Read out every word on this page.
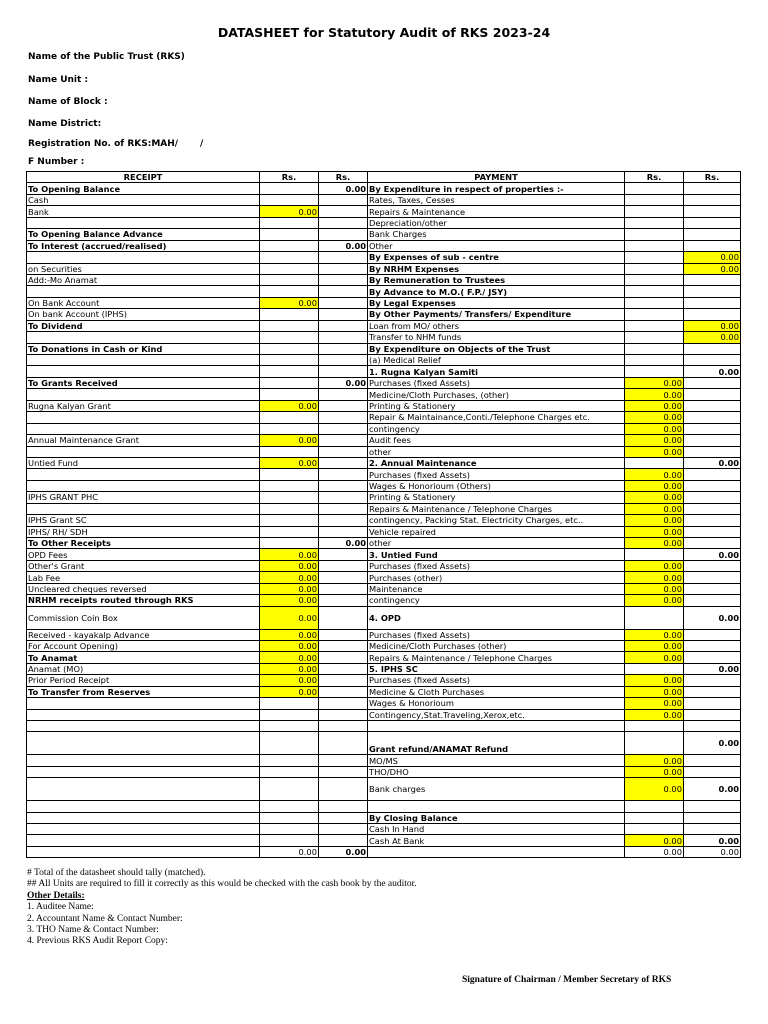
DATASHEET for Statutory Audit of RKS 2023-24
Name of the Public Trust (RKS)
Name Unit :
Name of Block :
Name District:
Registration No. of RKS:MAH/       /
F Number :
RECEIPT	Rs.	Rs.	PAYMENT	Rs.	Rs.
To Opening Balance		0.00	By Expenditure in respect of properties :-		
Cash			Rates, Taxes, Cesses		
Bank	0.00		Repairs & Maintenance		
			Depreciation/other		
To Opening Balance Advance			Bank Charges		
To Interest (accrued/realised)		0.00	Other		
			By Expenses of sub - centre		0.00
on Securities			By NRHM Expenses		0.00
Add:-Mo Anamat			By Remuneration to Trustees		
			By Advance to M.O.( F.P./ JSY)		
On Bank Account	0.00		By Legal Expenses		
On bank Account (IPHS)			By Other Payments/ Transfers/ Expenditure		
To Dividend			Loan from MO/ others		0.00
			Transfer to NHM funds		0.00
To Donations in Cash or Kind			By Expenditure on Objects of the Trust		
			(a) Medical Relief		
			1. Rugna Kalyan Samiti		0.00
To Grants Received		0.00	Purchases (fixed Assets)	0.00	
			Medicine/Cloth Purchases, (other)	0.00	
Rugna Kalyan Grant	0.00		Printing & Stationery	0.00	
			Repair & Maintainance,Conti./Telephone Charges etc.	0.00	
			contingency	0.00	
Annual Maintenance Grant	0.00		Audit fees	0.00	
			other	0.00	
Untied Fund	0.00		2. Annual Maintenance		0.00
			Purchases (fixed Assets)	0.00	
			Wages & Honorioum (Others)	0.00	
IPHS GRANT PHC			Printing & Stationery	0.00	
			Repairs & Maintenance / Telephone Charges	0.00	
IPHS Grant SC			contingency, Packing Stat. Electricity Charges, etc..	0.00	
IPHS/ RH/ SDH			Vehicle repaired	0.00	
To Other Receipts		0.00	other	0.00	
OPD Fees	0.00		3. Untied Fund		0.00
Other's Grant	0.00		Purchases (fixed Assets)	0.00	
Lab Fee	0.00		Purchases (other)	0.00	
Uncleared cheques reversed	0.00		Maintenance	0.00	
NRHM receipts routed through RKS	0.00		contingency	0.00	
Commission Coin Box	0.00		4. OPD		0.00
Received - kayakalp Advance	0.00		Purchases (fixed Assets)	0.00	
For Account Opening)	0.00		Medicine/Cloth Purchases (other)	0.00	
To Anamat	0.00		Repairs & Maintenance / Telephone Charges	0.00	
Anamat (MO)	0.00		5. IPHS SC		0.00
Prior Period Receipt	0.00		Purchases (fixed Assets)	0.00	
To Transfer from Reserves	0.00		Medicine & Cloth Purchases	0.00	
			Wages & Honorioum	0.00	
			Contingency,Stat.Traveling,Xerox,etc.	0.00	

			Grant refund/ANAMAT Refund		0.00
			MO/MS	0.00	
			THO/DHO	0.00	
			Bank charges	0.00	0.00

			By Closing Balance		
			Cash In Hand		
			Cash At Bank	0.00	0.00
	0.00	0.00		0.00	0.00
# Total of the datasheet should tally (matched).
## All Units are required to fill it correctly as this would be checked with the cash book by the auditor.
Other Details:
1. Auditee Name:
2. Accountant Name & Contact Number:
3. THO Name & Contact Number:
4. Previous RKS Audit Report Copy:
Signature of Chairman / Member Secretary of RKS
